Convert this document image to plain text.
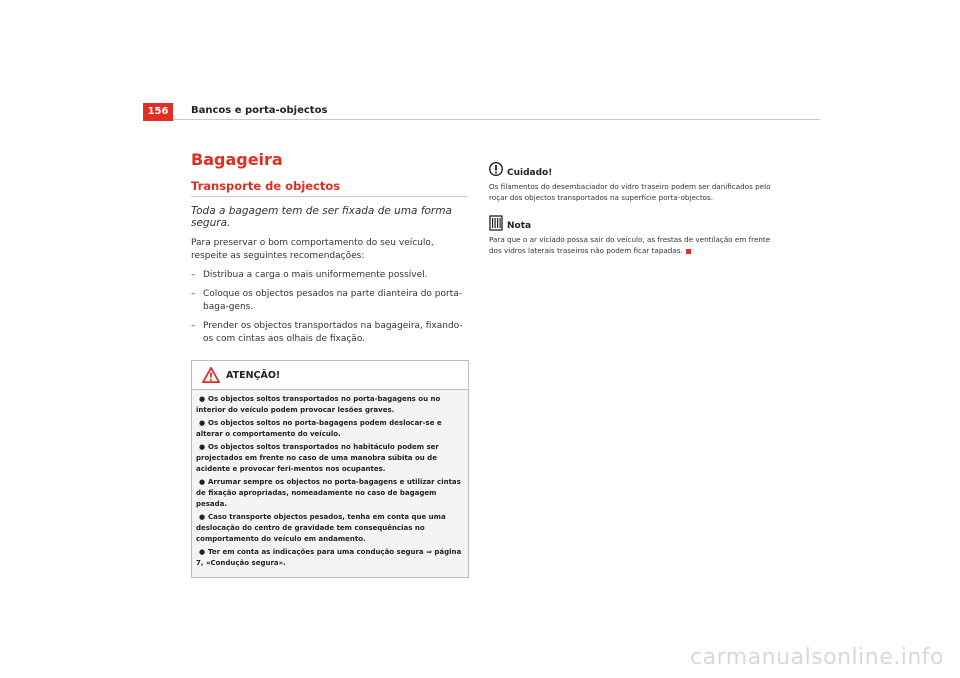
156	Bancos e porta-objectos
Bagageira
Transporte de objectos

Toda a bagagem tem de ser fixada de uma forma segura.

Para preservar o bom comportamento do seu veículo, respeite as seguintes recomendações:

– Distribua a carga o mais uniformemente possível.
– Coloque os objectos pesados na parte dianteira do porta-baga-gens.
– Prender os objectos transportados na bagageira, fixando-os com cintas aos olhais de fixação.
ATENÇÃO!

● Os objectos soltos transportados no porta-bagagens ou no interior do veículo podem provocar lesões graves.

● Os objectos soltos no porta-bagagens podem deslocar-se e alterar o comportamento do veículo.

● Os objectos soltos transportados no habitáculo podem ser projectados em frente no caso de uma manobra súbita ou de acidente e provocar feri-mentos nos ocupantes.

● Arrumar sempre os objectos no porta-bagagens e utilizar cintas de fixação apropriadas, nomeadamente no caso de bagagem pesada.

● Caso transporte objectos pesados, tenha em conta que uma deslocação do centro de gravidade tem consequências no comportamento do veículo em andamento.

● Ter em conta as indicações para uma condução segura ⇒ página 7, «Condução segura».

Cuidado!

Os filamentos do desembaciador do vidro traseiro podem ser danificados pelo roçar dos objectos transportados na superfície porta-objectos.

Nota

Para que o ar viciado possa sair do veículo, as frestas de ventilação em frente dos vidros laterais traseiros não podem ficar tapadas.

carmanualsonline.info
